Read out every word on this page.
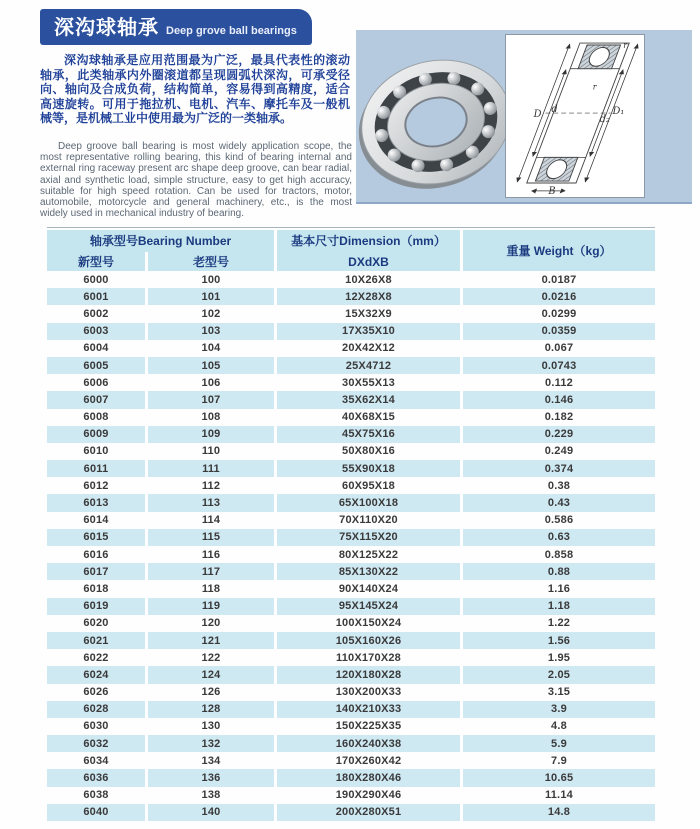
深沟球轴承 Deep grove ball bearings

深沟球轴承是应用范围最为广泛，最具代表性的滚动轴承，此类轴承内外圈滚道都呈现圆弧状深沟，可承受径向、轴向及合成负荷，结构简单，容易得到高精度，适合高速旋转。可用于拖拉机、电机、汽车、摩托车及一般机械等，是机械工业中使用最为广泛的一类轴承。

Deep groove ball bearing is most widely application scope, the most representative rolling bearing, this kind of bearing internal and external ring raceway present arc shape deep groove, can bear radial, axial and synthetic load, simple structure, easy to get high accuracy, suitable for high speed rotation. Can be used for tractors, motor, automobile, motorcycle and general machinery, etc., is the most widely used in mechanical industry of bearing.

D d
d₂
D₁
B
r
r
轴承型号Bearing Number	基本尺寸Dimension（mm）
重量 Weight（kg）
新型号	老型号	DXdXB
6000	100	10X26X8	0.0187
6001	101	12X28X8	0.0216
6002	102	15X32X9	0.0299
6003	103	17X35X10	0.0359
6004	104	20X42X12	0.067
6005	105	25X4712	0.0743
6006	106	30X55X13	0.112
6007	107	35X62X14	0.146
6008	108	40X68X15	0.182
6009	109	45X75X16	0.229
6010	110	50X80X16	0.249
6011	111	55X90X18	0.374
6012	112	60X95X18	0.38
6013	113	65X100X18	0.43
6014	114	70X110X20	0.586
6015	115	75X115X20	0.63
6016	116	80X125X22	0.858
6017	117	85X130X22	0.88
6018	118	90X140X24	1.16
6019	119	95X145X24	1.18
6020	120	100X150X24	1.22
6021	121	105X160X26	1.56
6022	122	110X170X28	1.95
6024	124	120X180X28	2.05
6026	126	130X200X33	3.15
6028	128	140X210X33	3.9
6030	130	150X225X35	4.8
6032	132	160X240X38	5.9
6034	134	170X260X42	7.9
6036	136	180X280X46	10.65
6038	138	190X290X46	11.14
6040	140	200X280X51	14.8
